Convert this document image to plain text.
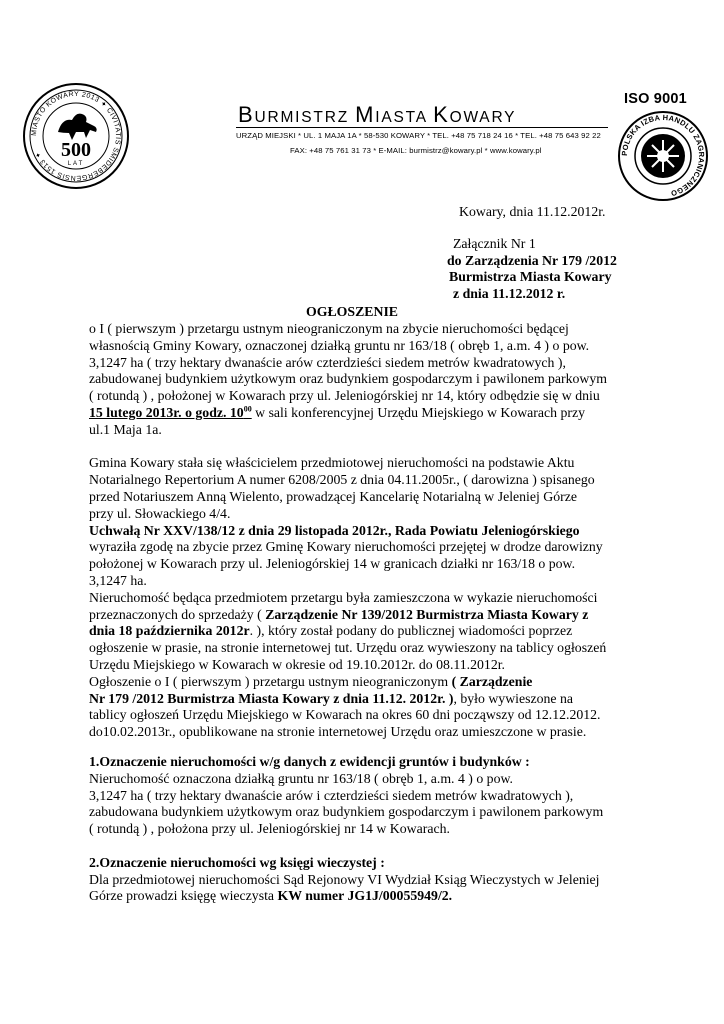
MIASTO KOWARY 2013 ✦ CIVITATIS SMIDEBERGENSIS 1513 ✦ 500
LAT
BURMISTRZ MIASTA KOWARY
URZĄD MIEJSKI * UL. 1 MAJA 1A * 58-530 KOWARY * TEL. +48 75 718 24 16 * TEL. +48 75 643 92 22
FAX: +48 75 761 31 73 * E-MAIL: burmistrz@kowary.pl * www.kowary.pl
ISO 9001
POLSKA IZBA HANDLU ZAGRANICZNEGO
Kowary, dnia 11.12.2012r.
Załącznik Nr 1
do Zarządzenia Nr 179 /2012
Burmistrza Miasta Kowary
z dnia 11.12.2012 r.
OGŁOSZENIE

o I ( pierwszym ) przetargu ustnym nieograniczonym na zbycie nieruchomości będącej

własnością Gminy Kowary, oznaczonej działką gruntu nr 163/18 ( obręb 1, a.m. 4 ) o pow.

3,1247 ha ( trzy hektary dwanaście arów czterdzieści siedem metrów kwadratowych ),

zabudowanej budynkiem użytkowym oraz budynkiem gospodarczym i pawilonem parkowym

( rotundą ) , położonej w Kowarach przy ul. Jeleniogórskiej nr 14, który odbędzie się w dniu

15 lutego 2013r. o godz. $10^{00}$ w sali konferencyjnej Urzędu Miejskiego w Kowarach przy

ul.1 Maja 1a.

Gmina Kowary stała się właścicielem przedmiotowej nieruchomości na podstawie Aktu

Notarialnego Repertorium A numer 6208/2005 z dnia 04.11.2005r., ( darowizna ) spisanego

przed Notariuszem Anną Wielento, prowadzącej Kancelarię Notarialną w Jeleniej Górze

przy ul. Słowackiego 4/4.

Uchwałą Nr XXV/138/12 z dnia 29 listopada 2012r., Rada Powiatu Jeleniogórskiego

wyraziła zgodę na zbycie przez Gminę Kowary nieruchomości przejętej w drodze darowizny

położonej w Kowarach przy ul. Jeleniogórskiej 14 w granicach działki nr 163/18 o pow.

3,1247 ha.

Nieruchomość będąca przedmiotem przetargu była zamieszczona w wykazie nieruchomości

przeznaczonych do sprzedaży ( Zarządzenie Nr 139/2012 Burmistrza Miasta Kowary z

dnia 18 października 2012r. ), który został podany do publicznej wiadomości poprzez

ogłoszenie w prasie, na stronie internetowej tut. Urzędu oraz wywieszony na tablicy ogłoszeń

Urzędu Miejskiego w Kowarach w okresie od 19.10.2012r. do 08.11.2012r.

Ogłoszenie o I ( pierwszym ) przetargu ustnym nieograniczonym ( Zarządzenie

Nr 179 /2012 Burmistrza Miasta Kowary z dnia 11.12. 2012r. ), było wywieszone na

tablicy ogłoszeń Urzędu Miejskiego w Kowarach na okres 60 dni począwszy od 12.12.2012.

do10.02.2013r., opublikowane na stronie internetowej Urzędu oraz umieszczone w prasie.

1.Oznaczenie nieruchomości w/g danych z ewidencji gruntów i budynków :

Nieruchomość oznaczona działką gruntu nr 163/18 ( obręb 1, a.m. 4 ) o pow.

3,1247 ha ( trzy hektary dwanaście arów i czterdzieści siedem metrów kwadratowych ),

zabudowana budynkiem użytkowym oraz budynkiem gospodarczym i pawilonem parkowym

( rotundą ) , położona przy ul. Jeleniogórskiej nr 14 w Kowarach.

2.Oznaczenie nieruchomości wg księgi wieczystej :

Dla przedmiotowej nieruchomości Sąd Rejonowy VI Wydział Ksiąg Wieczystych w Jeleniej

Górze prowadzi księgę wieczysta KW numer JG1J/00055949/2.
